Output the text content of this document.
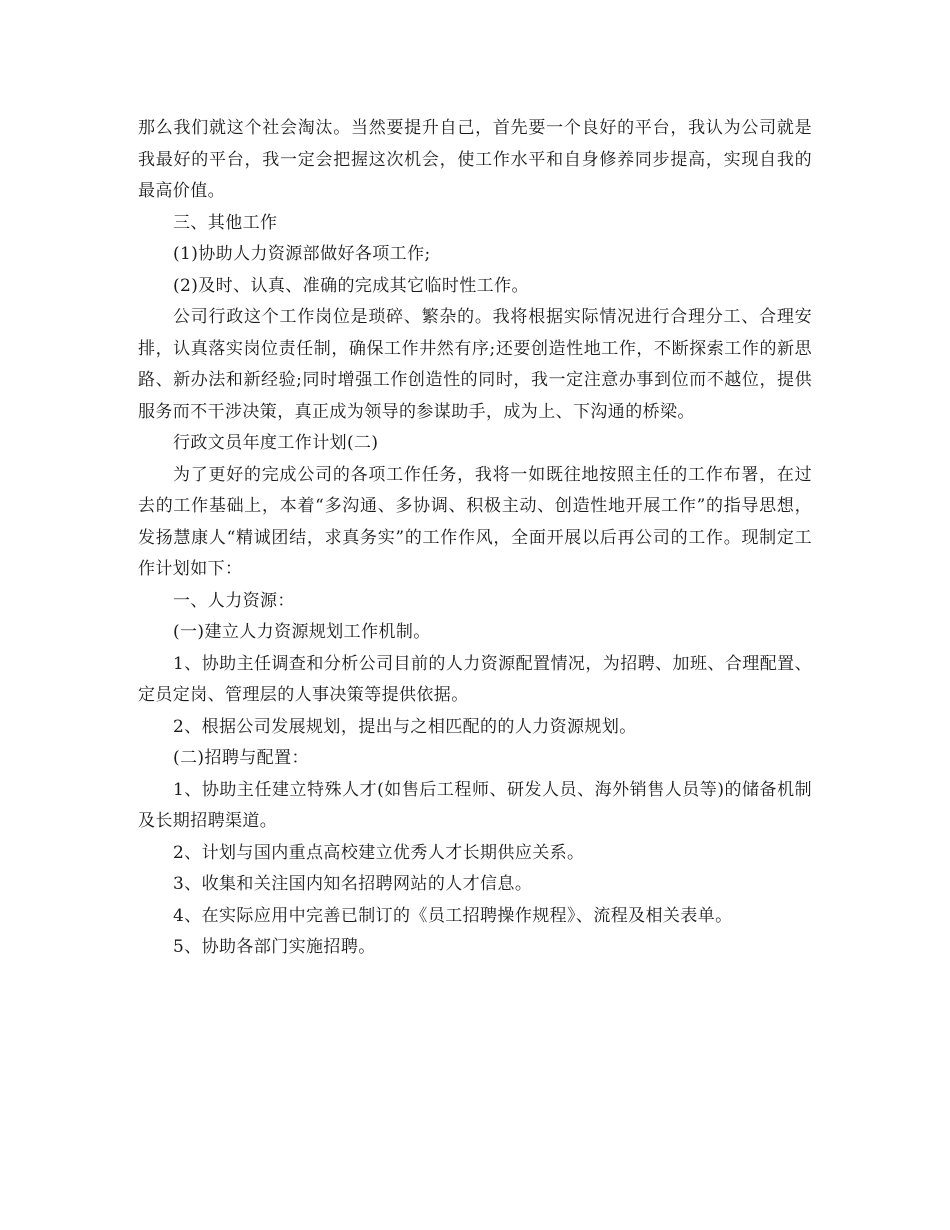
那么我们就这个社会淘汰。当然要提升自己，首先要一个良好的平台，我认为公司就是我最好的平台，我一定会把握这次机会，使工作水平和自身修养同步提高，实现自我的最高价值。

三、其他工作

(1)协助人力资源部做好各项工作;

(2)及时、认真、准确的完成其它临时性工作。

公司行政这个工作岗位是琐碎、繁杂的。我将根据实际情况进行合理分工、合理安排，认真落实岗位责任制，确保工作井然有序;还要创造性地工作，不断探索工作的新思路、新办法和新经验;同时增强工作创造性的同时，我一定注意办事到位而不越位，提供服务而不干涉决策，真正成为领导的参谋助手，成为上、下沟通的桥梁。

行政文员年度工作计划(二)

为了更好的完成公司的各项工作任务，我将一如既往地按照主任的工作布署，在过去的工作基础上，本着“多沟通、多协调、积极主动、创造性地开展工作”的指导思想，发扬慧康人“精诚团结，求真务实”的工作作风，全面开展以后再公司的工作。现制定工作计划如下：

一、人力资源：

(一)建立人力资源规划工作机制。

1、协助主任调查和分析公司目前的人力资源配置情况，为招聘、加班、合理配置、定员定岗、管理层的人事决策等提供依据。

2、根据公司发展规划，提出与之相匹配的的人力资源规划。

(二)招聘与配置：

1、协助主任建立特殊人才(如售后工程师、研发人员、海外销售人员等)的储备机制及长期招聘渠道。

2、计划与国内重点高校建立优秀人才长期供应关系。

3、收集和关注国内知名招聘网站的人才信息。

4、在实际应用中完善已制订的《员工招聘操作规程》、流程及相关表单。

5、协助各部门实施招聘。
